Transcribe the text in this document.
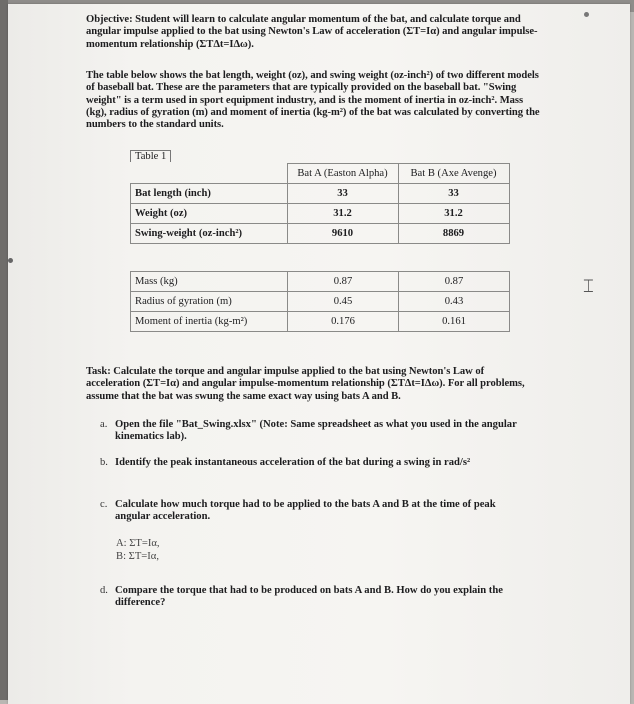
⌶
Objective: Student will learn to calculate angular momentum of the bat, and calculate torque and angular impulse applied to the bat using Newton's Law of acceleration (ΣT=Iα) and angular impulse-momentum relationship (ΣTΔt=IΔω).
The table below shows the bat length, weight (oz), and swing weight (oz-inch²) of two different models of baseball bat. These are the parameters that are typically provided on the baseball bat. "Swing weight" is a term used in sport equipment industry, and is the moment of inertia in oz-inch². Mass (kg), radius of gyration (m) and moment of inertia (kg-m²) of the bat was calculated by converting the numbers to the standard units.
Table 1
	Bat A (Easton Alpha)	Bat B (Axe Avenge)
Bat length (inch)	33	33
Weight (oz)	31.2	31.2
Swing-weight (oz-inch²)	9610	8869
Mass (kg)	0.87	0.87
Radius of gyration (m)	0.45	0.43
Moment of inertia (kg-m²)	0.176	0.161
Task: Calculate the torque and angular impulse applied to the bat using Newton's Law of acceleration (ΣT=Iα) and angular impulse-momentum relationship (ΣTΔt=IΔω). For all problems, assume that the bat was swung the same exact way using bats A and B.
a. Open the file "Bat_Swing.xlsx" (Note: Same spreadsheet as what you used in the angular kinematics lab).
b. Identify the peak instantaneous acceleration of the bat during a swing in rad/s²
c. Calculate how much torque had to be applied to the bats A and B at the time of peak angular acceleration.
A: ΣT=Iα,
B: ΣT=Iα,
d. Compare the torque that had to be produced on bats A and B. How do you explain the difference?
